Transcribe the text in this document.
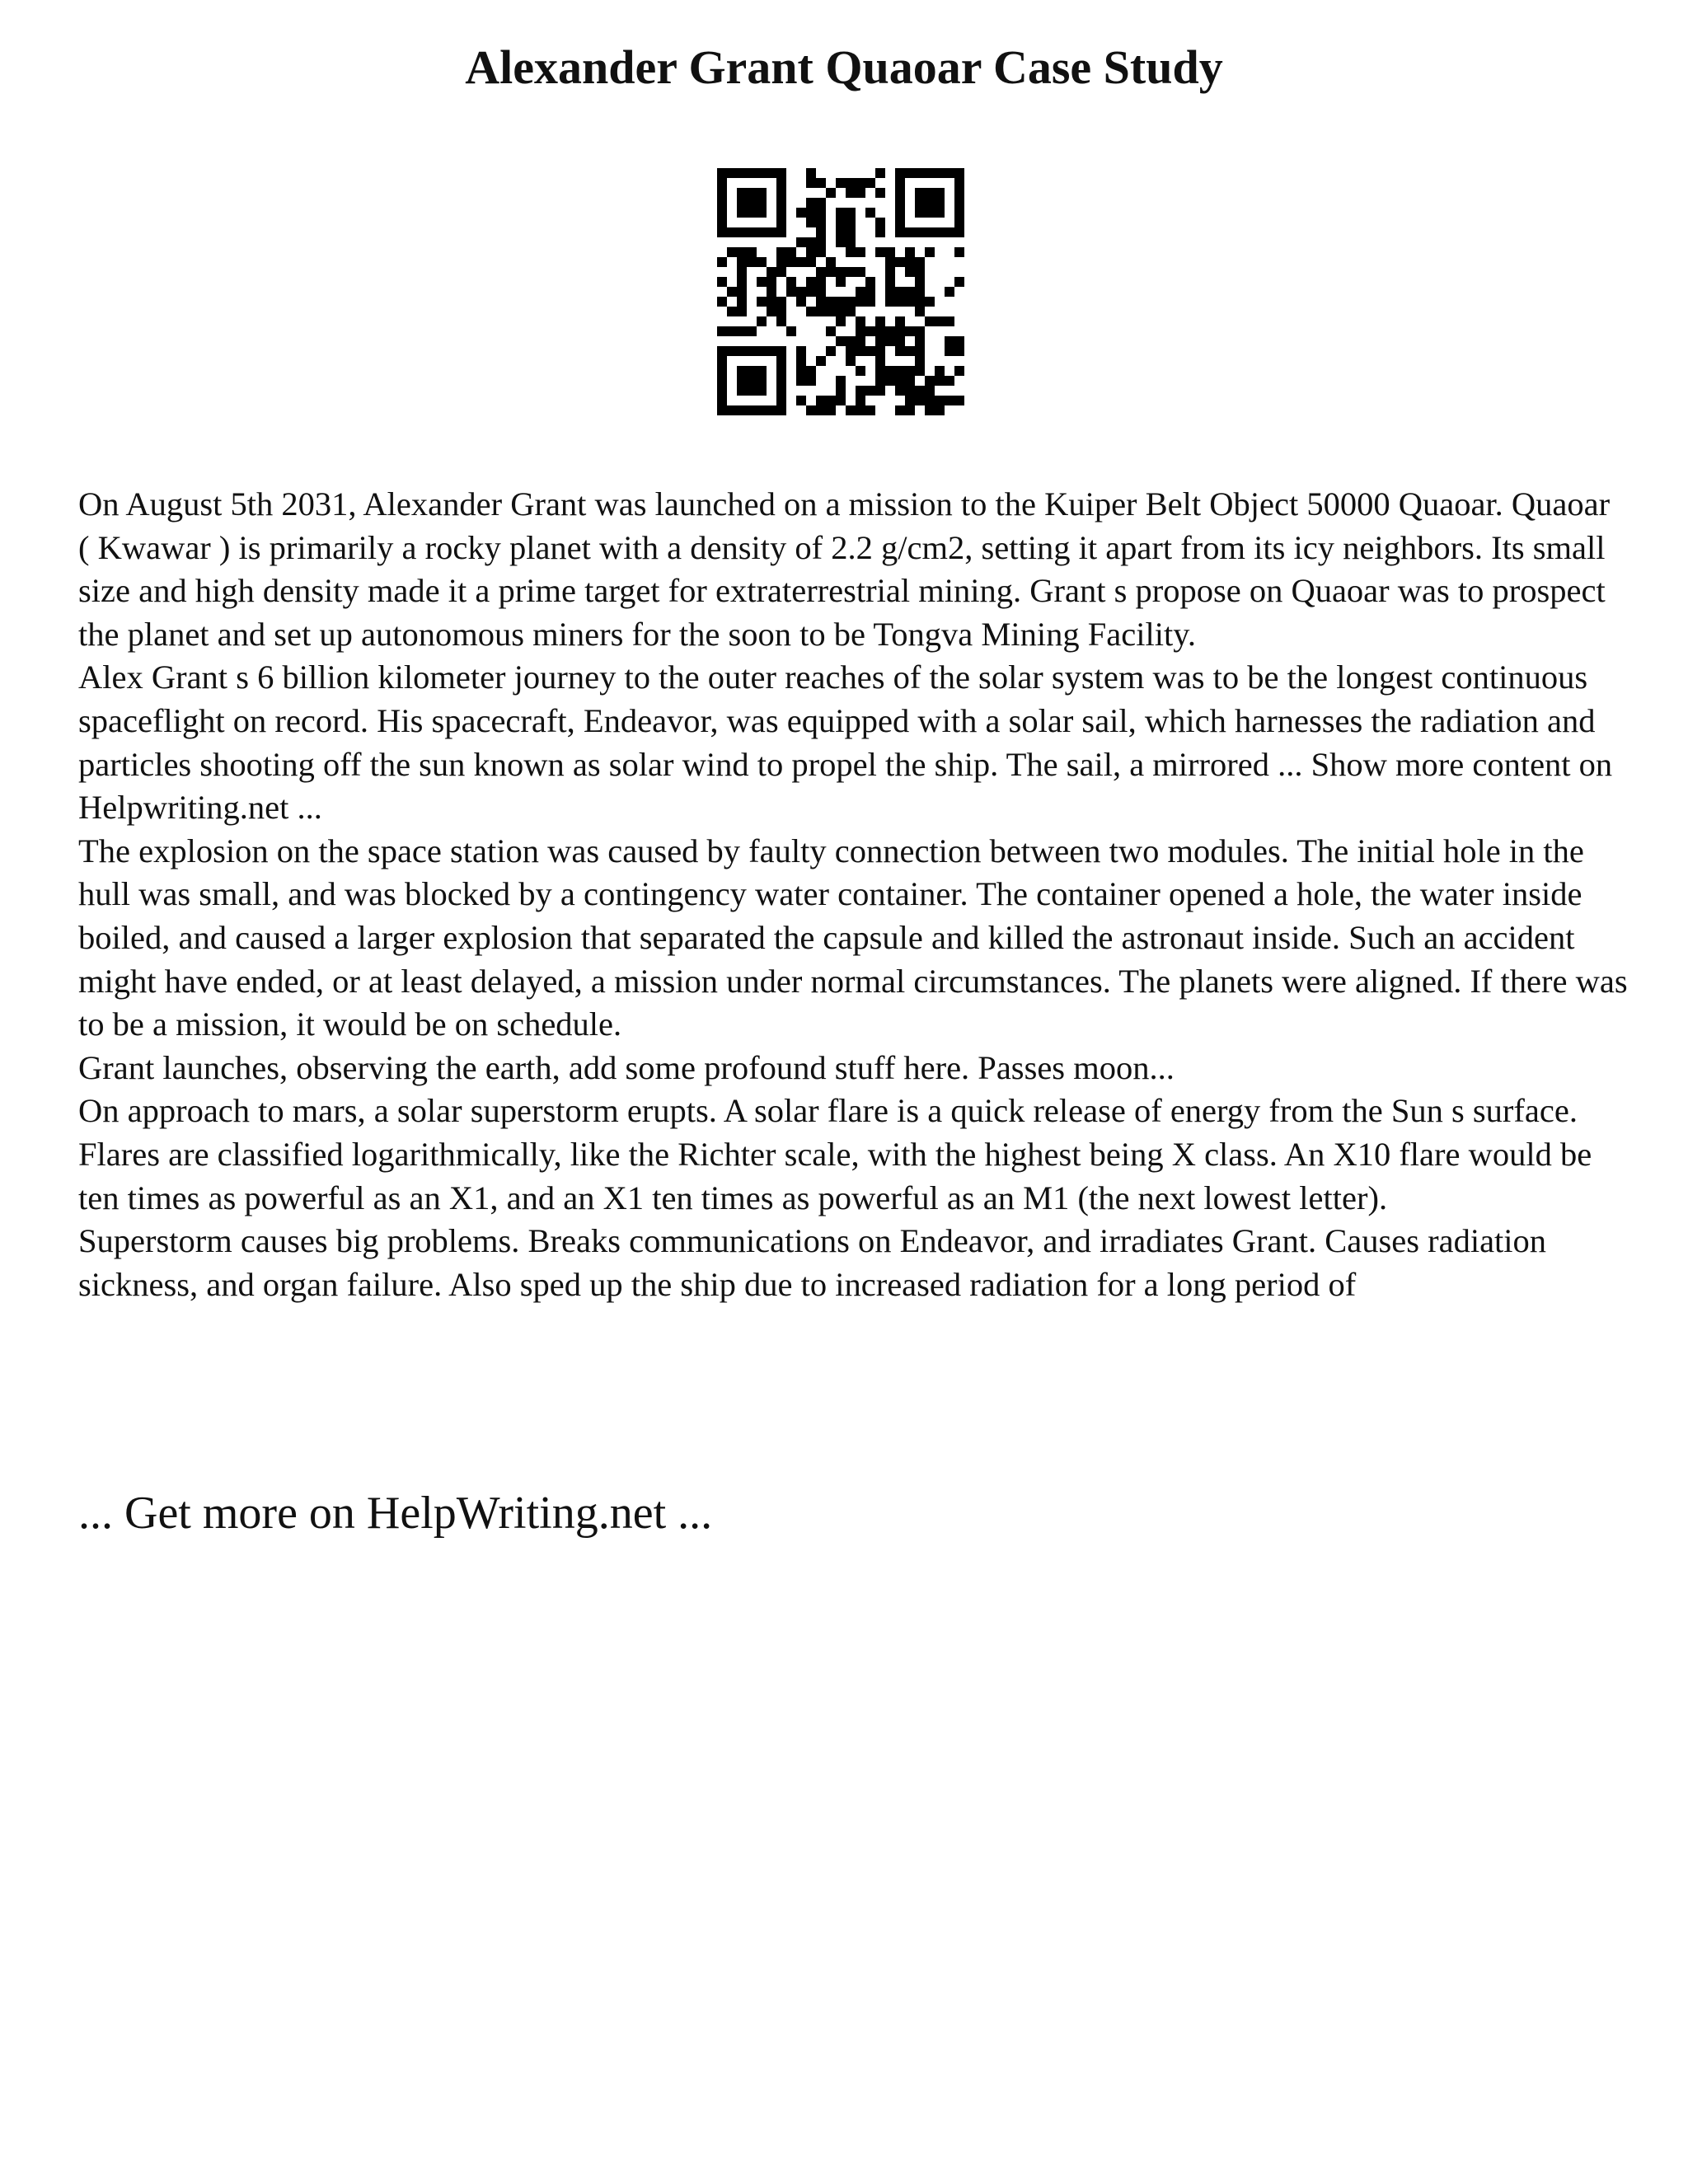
Alexander Grant Quaoar Case Study

On August 5th 2031, Alexander Grant was launched on a mission to the Kuiper Belt Object 50000 Quaoar. Quaoar ( Kwawar ) is primarily a rocky planet with a density of 2.2 g/cm2, setting it apart from its icy neighbors. Its small size and high density made it a prime target for extraterrestrial mining. Grant s propose on Quaoar was to prospect the planet and set up autonomous miners for the soon to be Tongva Mining Facility.

Alex Grant s 6 billion kilometer journey to the outer reaches of the solar system was to be the longest continuous spaceflight on record. His spacecraft, Endeavor, was equipped with a solar sail, which harnesses the radiation and particles shooting off the sun known as solar wind to propel the ship. The sail, a mirrored ... Show more content on Helpwriting.net ...

The explosion on the space station was caused by faulty connection between two modules. The initial hole in the hull was small, and was blocked by a contingency water container. The container opened a hole, the water inside boiled, and caused a larger explosion that separated the capsule and killed the astronaut inside. Such an accident might have ended, or at least delayed, a mission under normal circumstances. The planets were aligned. If there was to be a mission, it would be on schedule.

Grant launches, observing the earth, add some profound stuff here. Passes moon...

On approach to mars, a solar superstorm erupts. A solar flare is a quick release of energy from the Sun s surface. Flares are classified logarithmically, like the Richter scale, with the highest being X class. An X10 flare would be ten times as powerful as an X1, and an X1 ten times as powerful as an M1 (the next lowest letter).

Superstorm causes big problems. Breaks communications on Endeavor, and irradiates Grant. Causes radiation sickness, and organ failure. Also sped up the ship due to increased radiation for a long period of

... Get more on HelpWriting.net ...
